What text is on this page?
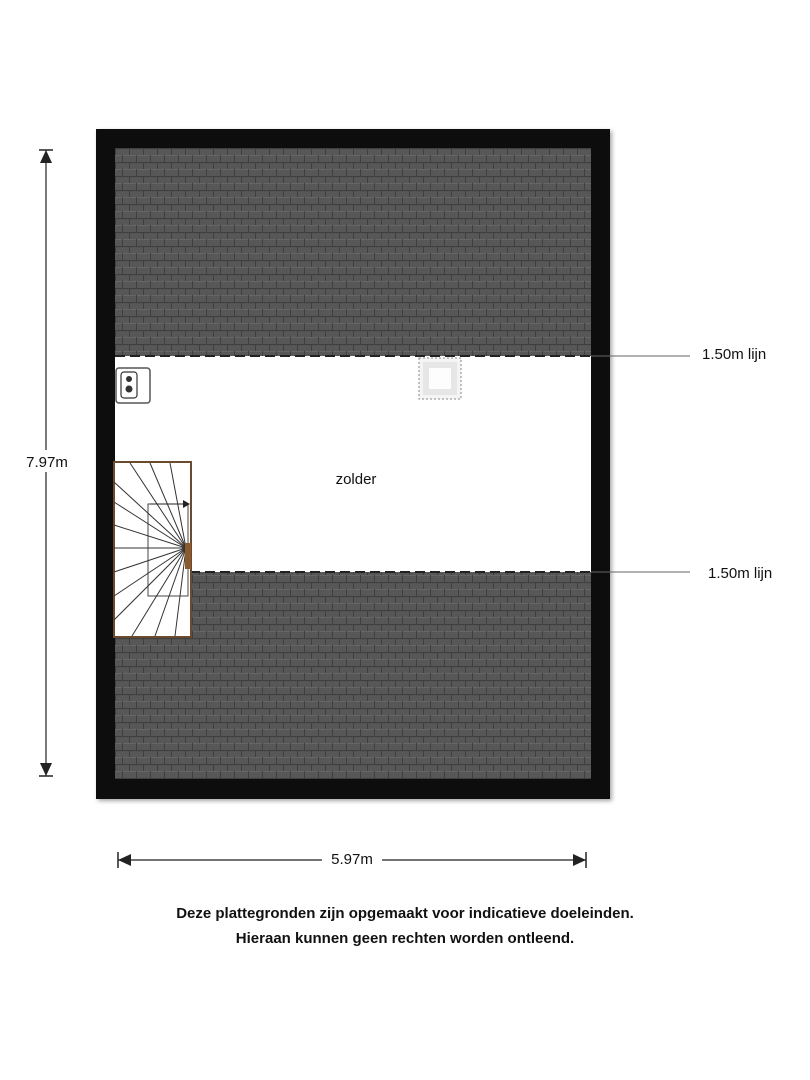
1.50m lijn
1.50m lijn
zolder
7.97m
5.97m
Deze plattegronden zijn opgemaakt voor indicatieve doeleinden.
Hieraan kunnen geen rechten worden ontleend.
